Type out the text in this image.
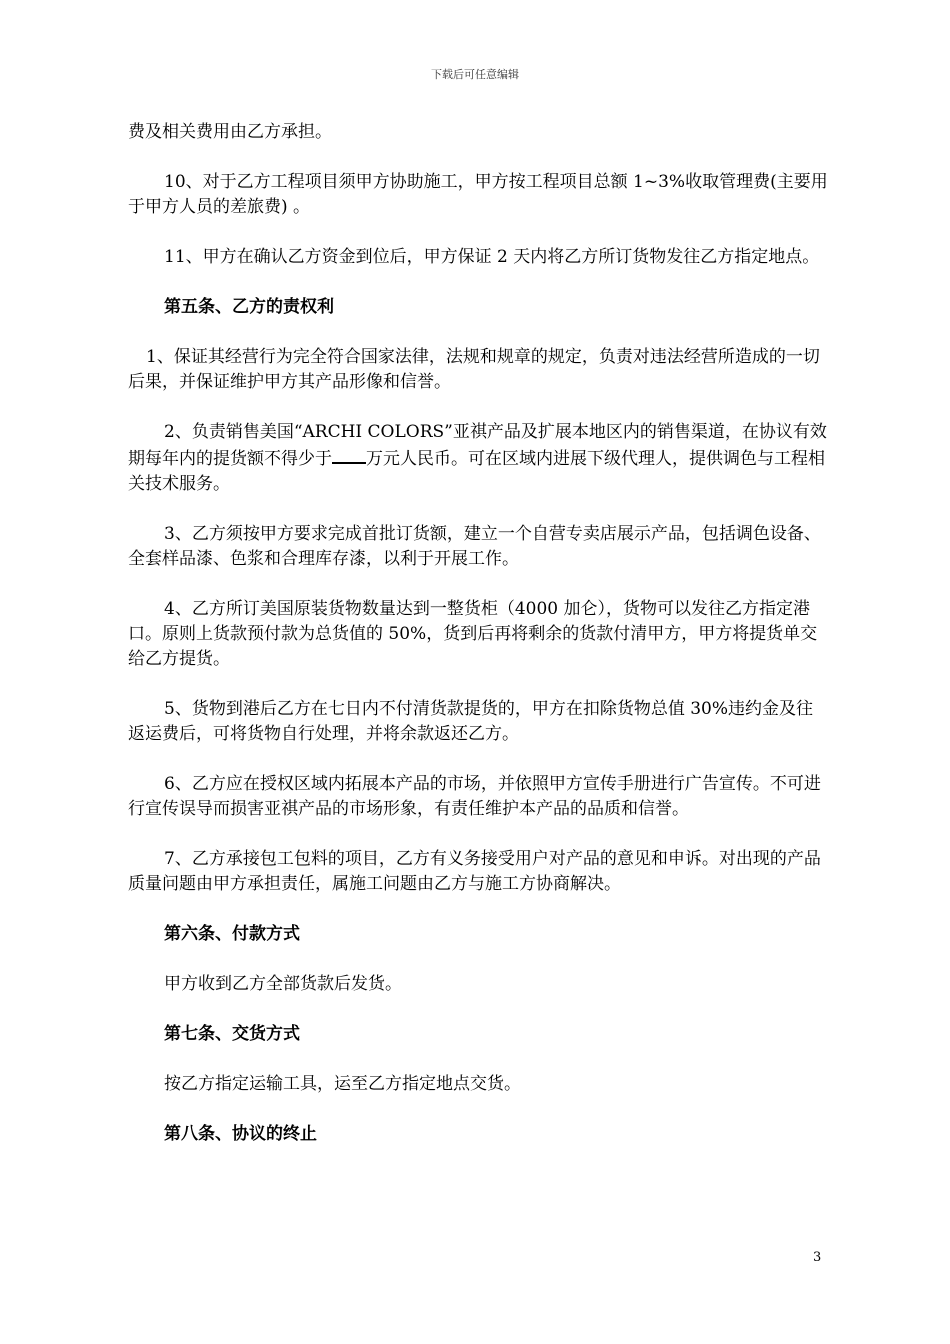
下载后可任意编辑

费及相关费用由乙方承担。

10、对于乙方工程项目须甲方协助施工，甲方按工程项目总额 1~3%收取管理费(主要用于甲方人员的差旅费) 。

11、甲方在确认乙方资金到位后，甲方保证 2 天内将乙方所订货物发往乙方指定地点。

第五条、乙方的责权利

1、保证其经营行为完全符合国家法律，法规和规章的规定，负责对违法经营所造成的一切后果，并保证维护甲方其产品形像和信誉。

2、负责销售美国“ARCHI COLORS”亚祺产品及扩展本地区内的销售渠道，在协议有效期每年内的提货额不得少于 万元人民币。可在区域内进展下级代理人，提供调色与工程相关技术服务。

3、乙方须按甲方要求完成首批订货额，建立一个自营专卖店展示产品，包括调色设备、全套样品漆、色浆和合理库存漆，以利于开展工作。

4、乙方所订美国原装货物数量达到一整货柜（4000 加仑），货物可以发往乙方指定港口。原则上货款预付款为总货值的 50%，货到后再将剩余的货款付清甲方，甲方将提货单交给乙方提货。

5、货物到港后乙方在七日内不付清货款提货的，甲方在扣除货物总值 30%违约金及往返运费后，可将货物自行处理，并将余款返还乙方。

6、乙方应在授权区域内拓展本产品的市场，并依照甲方宣传手册进行广告宣传。不可进行宣传误导而损害亚祺产品的市场形象，有责任维护本产品的品质和信誉。

7、乙方承接包工包料的项目，乙方有义务接受用户对产品的意见和申诉。对出现的产品质量问题由甲方承担责任，属施工问题由乙方与施工方协商解决。

第六条、付款方式

甲方收到乙方全部货款后发货。

第七条、交货方式

按乙方指定运输工具，运至乙方指定地点交货。

第八条、协议的终止

3
